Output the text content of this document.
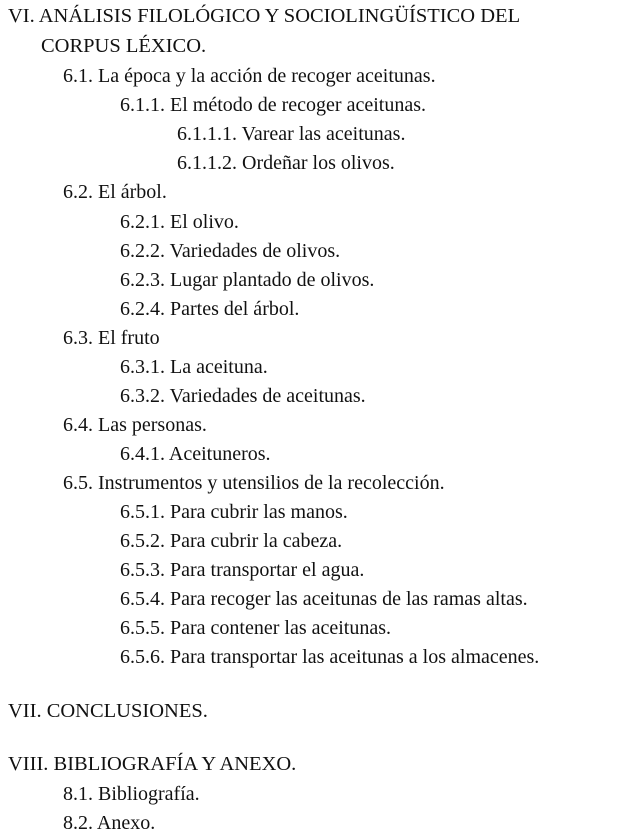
VI. ANÁLISIS FILOLÓGICO Y SOCIOLINGÜÍSTICO DEL
CORPUS LÉXICO.
6.1. La época y la acción de recoger aceitunas.
6.1.1. El método de recoger aceitunas.
6.1.1.1. Varear las aceitunas.
6.1.1.2. Ordeñar los olivos.
6.2. El árbol.
6.2.1. El olivo.
6.2.2. Variedades de olivos.
6.2.3. Lugar plantado de olivos.
6.2.4. Partes del árbol.
6.3. El fruto
6.3.1. La aceituna.
6.3.2. Variedades de aceitunas.
6.4. Las personas.
6.4.1. Aceituneros.
6.5. Instrumentos y utensilios de la recolección.
6.5.1. Para cubrir las manos.
6.5.2. Para cubrir la cabeza.
6.5.3. Para transportar el agua.
6.5.4. Para recoger las aceitunas de las ramas altas.
6.5.5. Para contener las aceitunas.
6.5.6. Para transportar las aceitunas a los almacenes.
VII. CONCLUSIONES.
VIII. BIBLIOGRAFÍA Y ANEXO.
8.1. Bibliografía.
8.2. Anexo.
